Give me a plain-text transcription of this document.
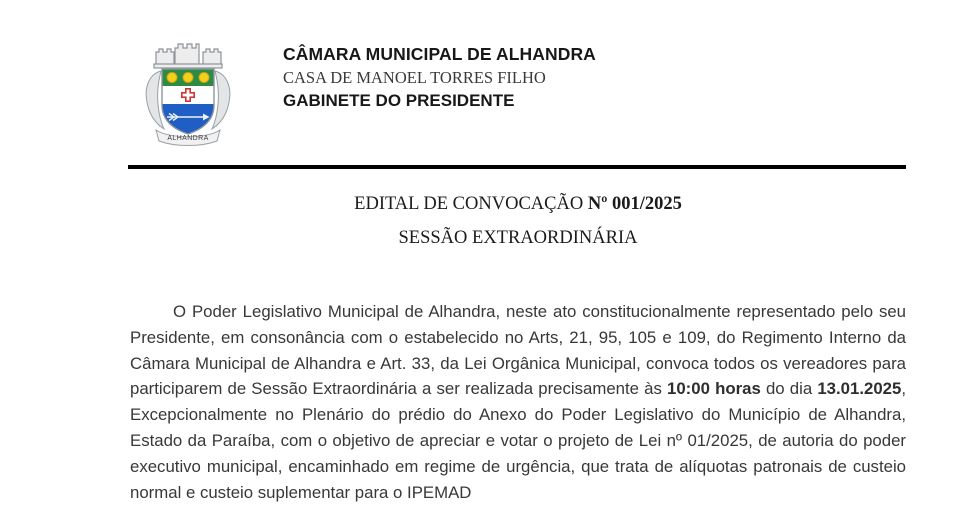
ALHANDRA
CÂMARA MUNICIPAL DE ALHANDRA
CASA DE MANOEL TORRES FILHO
GABINETE DO PRESIDENTE
EDITAL DE CONVOCAÇÃO Nº 001/2025
SESSÃO EXTRAORDINÁRIA

O Poder Legislativo Municipal de Alhandra, neste ato constitucionalmente representado pelo seu Presidente, em consonância com o estabelecido no Arts, 21, 95, 105 e 109, do Regimento Interno da Câmara Municipal de Alhandra e Art. 33, da Lei Orgânica Municipal, convoca todos os vereadores para participarem de Sessão Extraordinária a ser realizada precisamente às 10:00 horas do dia 13.01.2025, Excepcionalmente no Plenário do prédio do Anexo do Poder Legislativo do Município de Alhandra, Estado da Paraíba, com o objetivo de apreciar e votar o projeto de Lei nº 01/2025, de autoria do poder executivo municipal, encaminhado em regime de urgência, que trata de alíquotas patronais de custeio normal e custeio suplementar para o IPEMAD
